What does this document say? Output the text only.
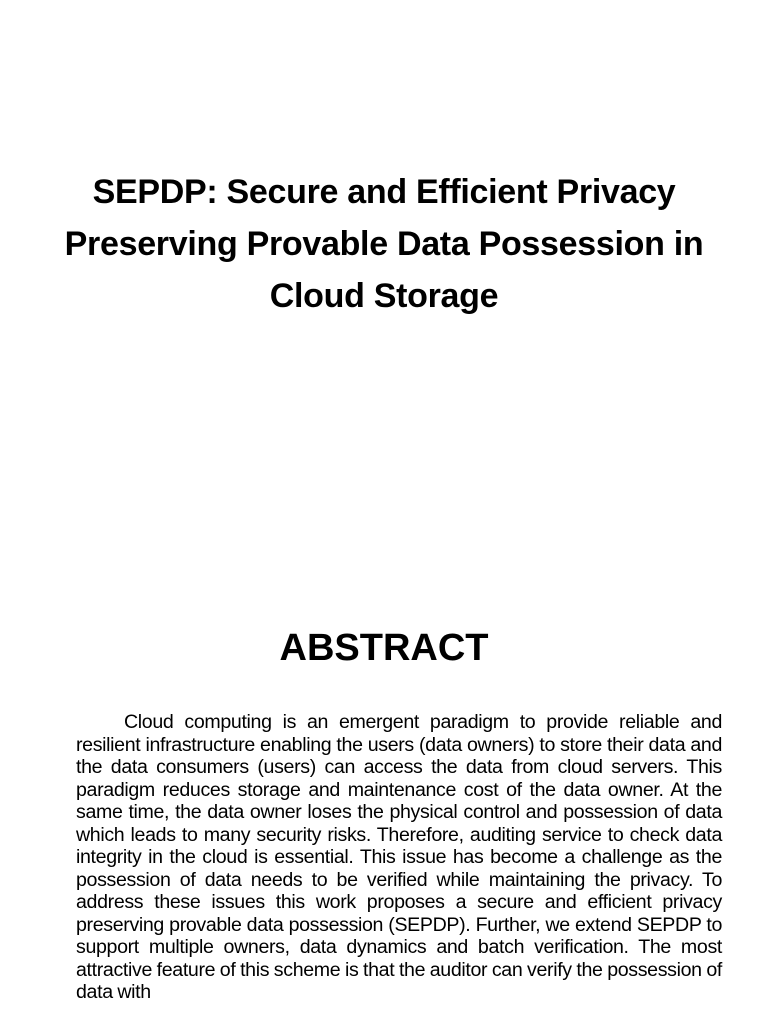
SEPDP: Secure and Efficient Privacy Preserving Provable Data Possession in Cloud Storage
ABSTRACT

Cloud computing is an emergent paradigm to provide reliable and resilient infrastructure enabling the users (data owners) to store their data and the data consumers (users) can access the data from cloud servers. This paradigm reduces storage and maintenance cost of the data owner. At the same time, the data owner loses the physical control and possession of data which leads to many security risks. Therefore, auditing service to check data integrity in the cloud is essential. This issue has become a challenge as the possession of data needs to be verified while maintaining the privacy. To address these issues this work proposes a secure and efficient privacy preserving provable data possession (SEPDP). Further, we extend SEPDP to support multiple owners, data dynamics and batch verification. The most attractive feature of this scheme is that the auditor can verify the possession of data with
